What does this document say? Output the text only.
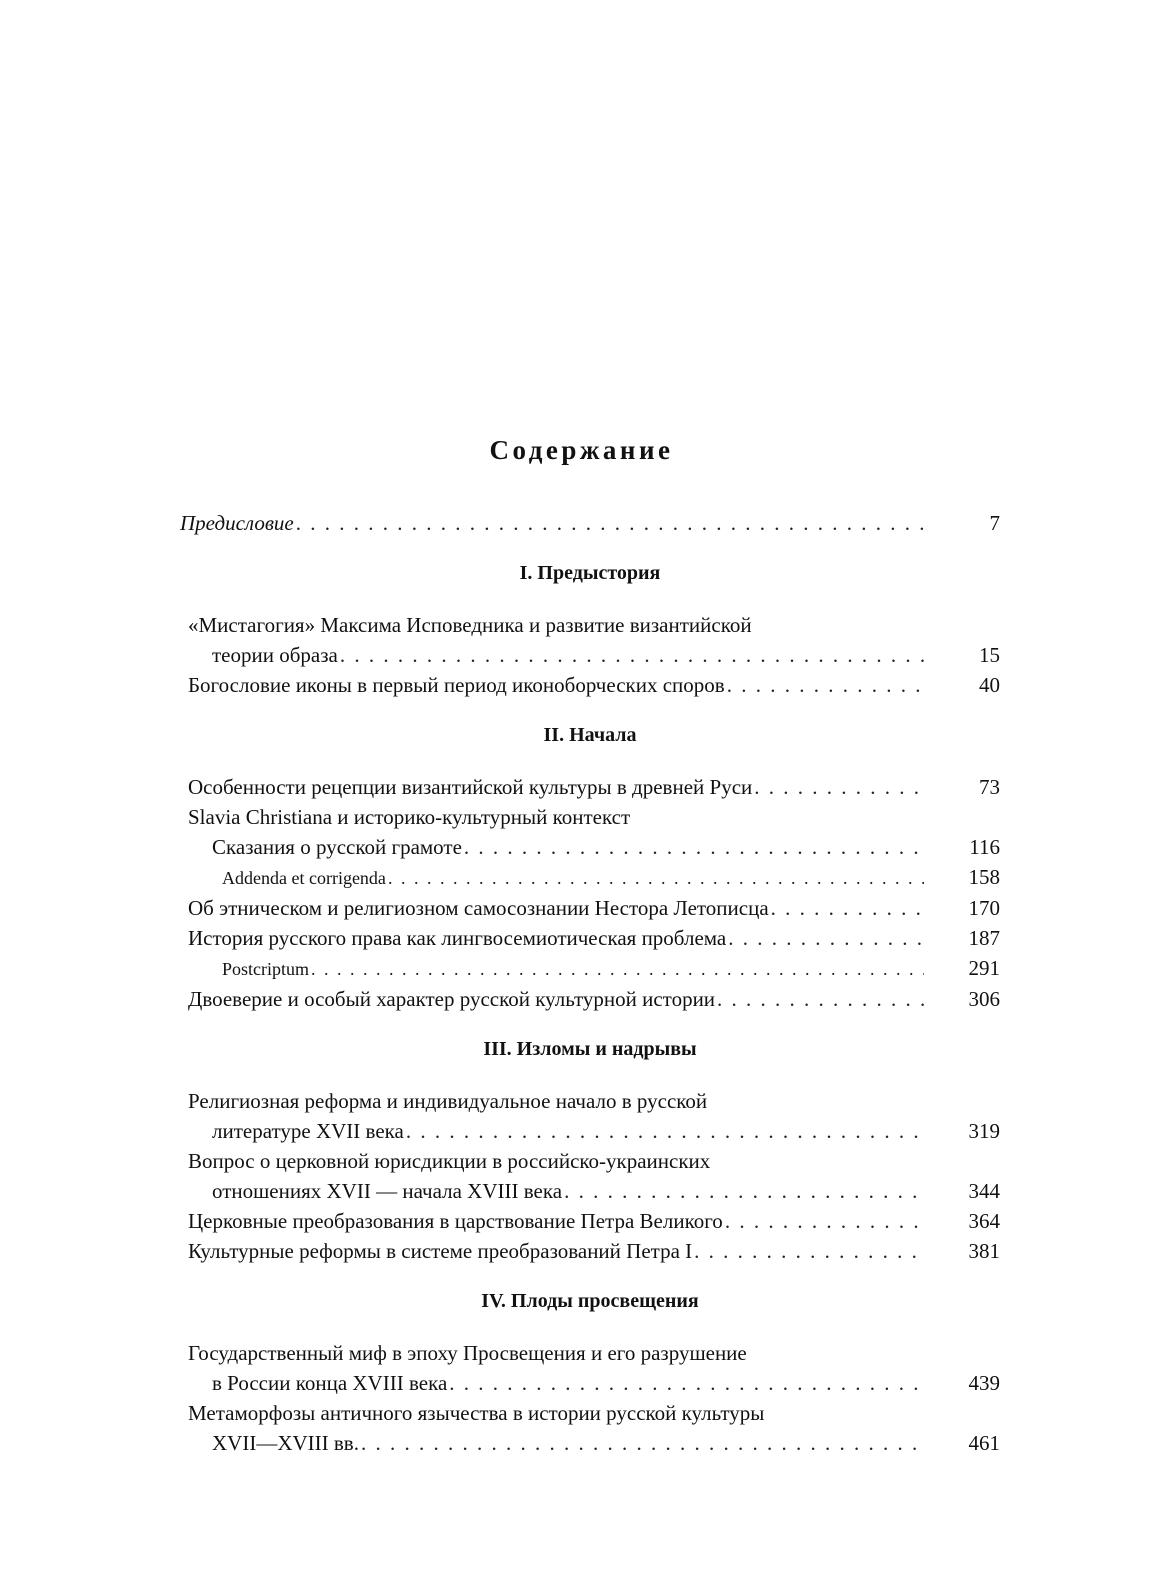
Содержание
Предисловие . . .	7
I. Предыстория
«Мистагогия» Максима Исповедника и развитие византийской
теории образа . . .	15
Богословие иконы в первый период иконоборческих споров . . .	40
II. Начала
Особенности рецепции византийской культуры в древней Руси . . .	73
Slavia Christiana и историко-культурный контекст
Сказания о русской грамоте . . .	116
Addenda et corrigenda . . .	158
Об этническом и религиозном самосознании Нестора Летописца . . .	170
История русского права как лингвосемиотическая проблема . . .	187
Postcriptum . . .	291
Двоеверие и особый характер русской культурной истории . . .	306
III. Изломы и надрывы
Религиозная реформа и индивидуальное начало в русской
литературе XVII века . . .	319
Вопрос о церковной юрисдикции в российско-украинских
отношениях XVII — начала XVIII века . . .	344
Церковные преобразования в царствование Петра Великого . . .	364
Культурные реформы в системе преобразований Петра I . . .	381
IV. Плоды просвещения
Государственный миф в эпоху Просвещения и его разрушение
в России конца XVIII века . . .	439
Метаморфозы античного язычества в истории русской культуры
XVII—XVIII вв. . . .	461
